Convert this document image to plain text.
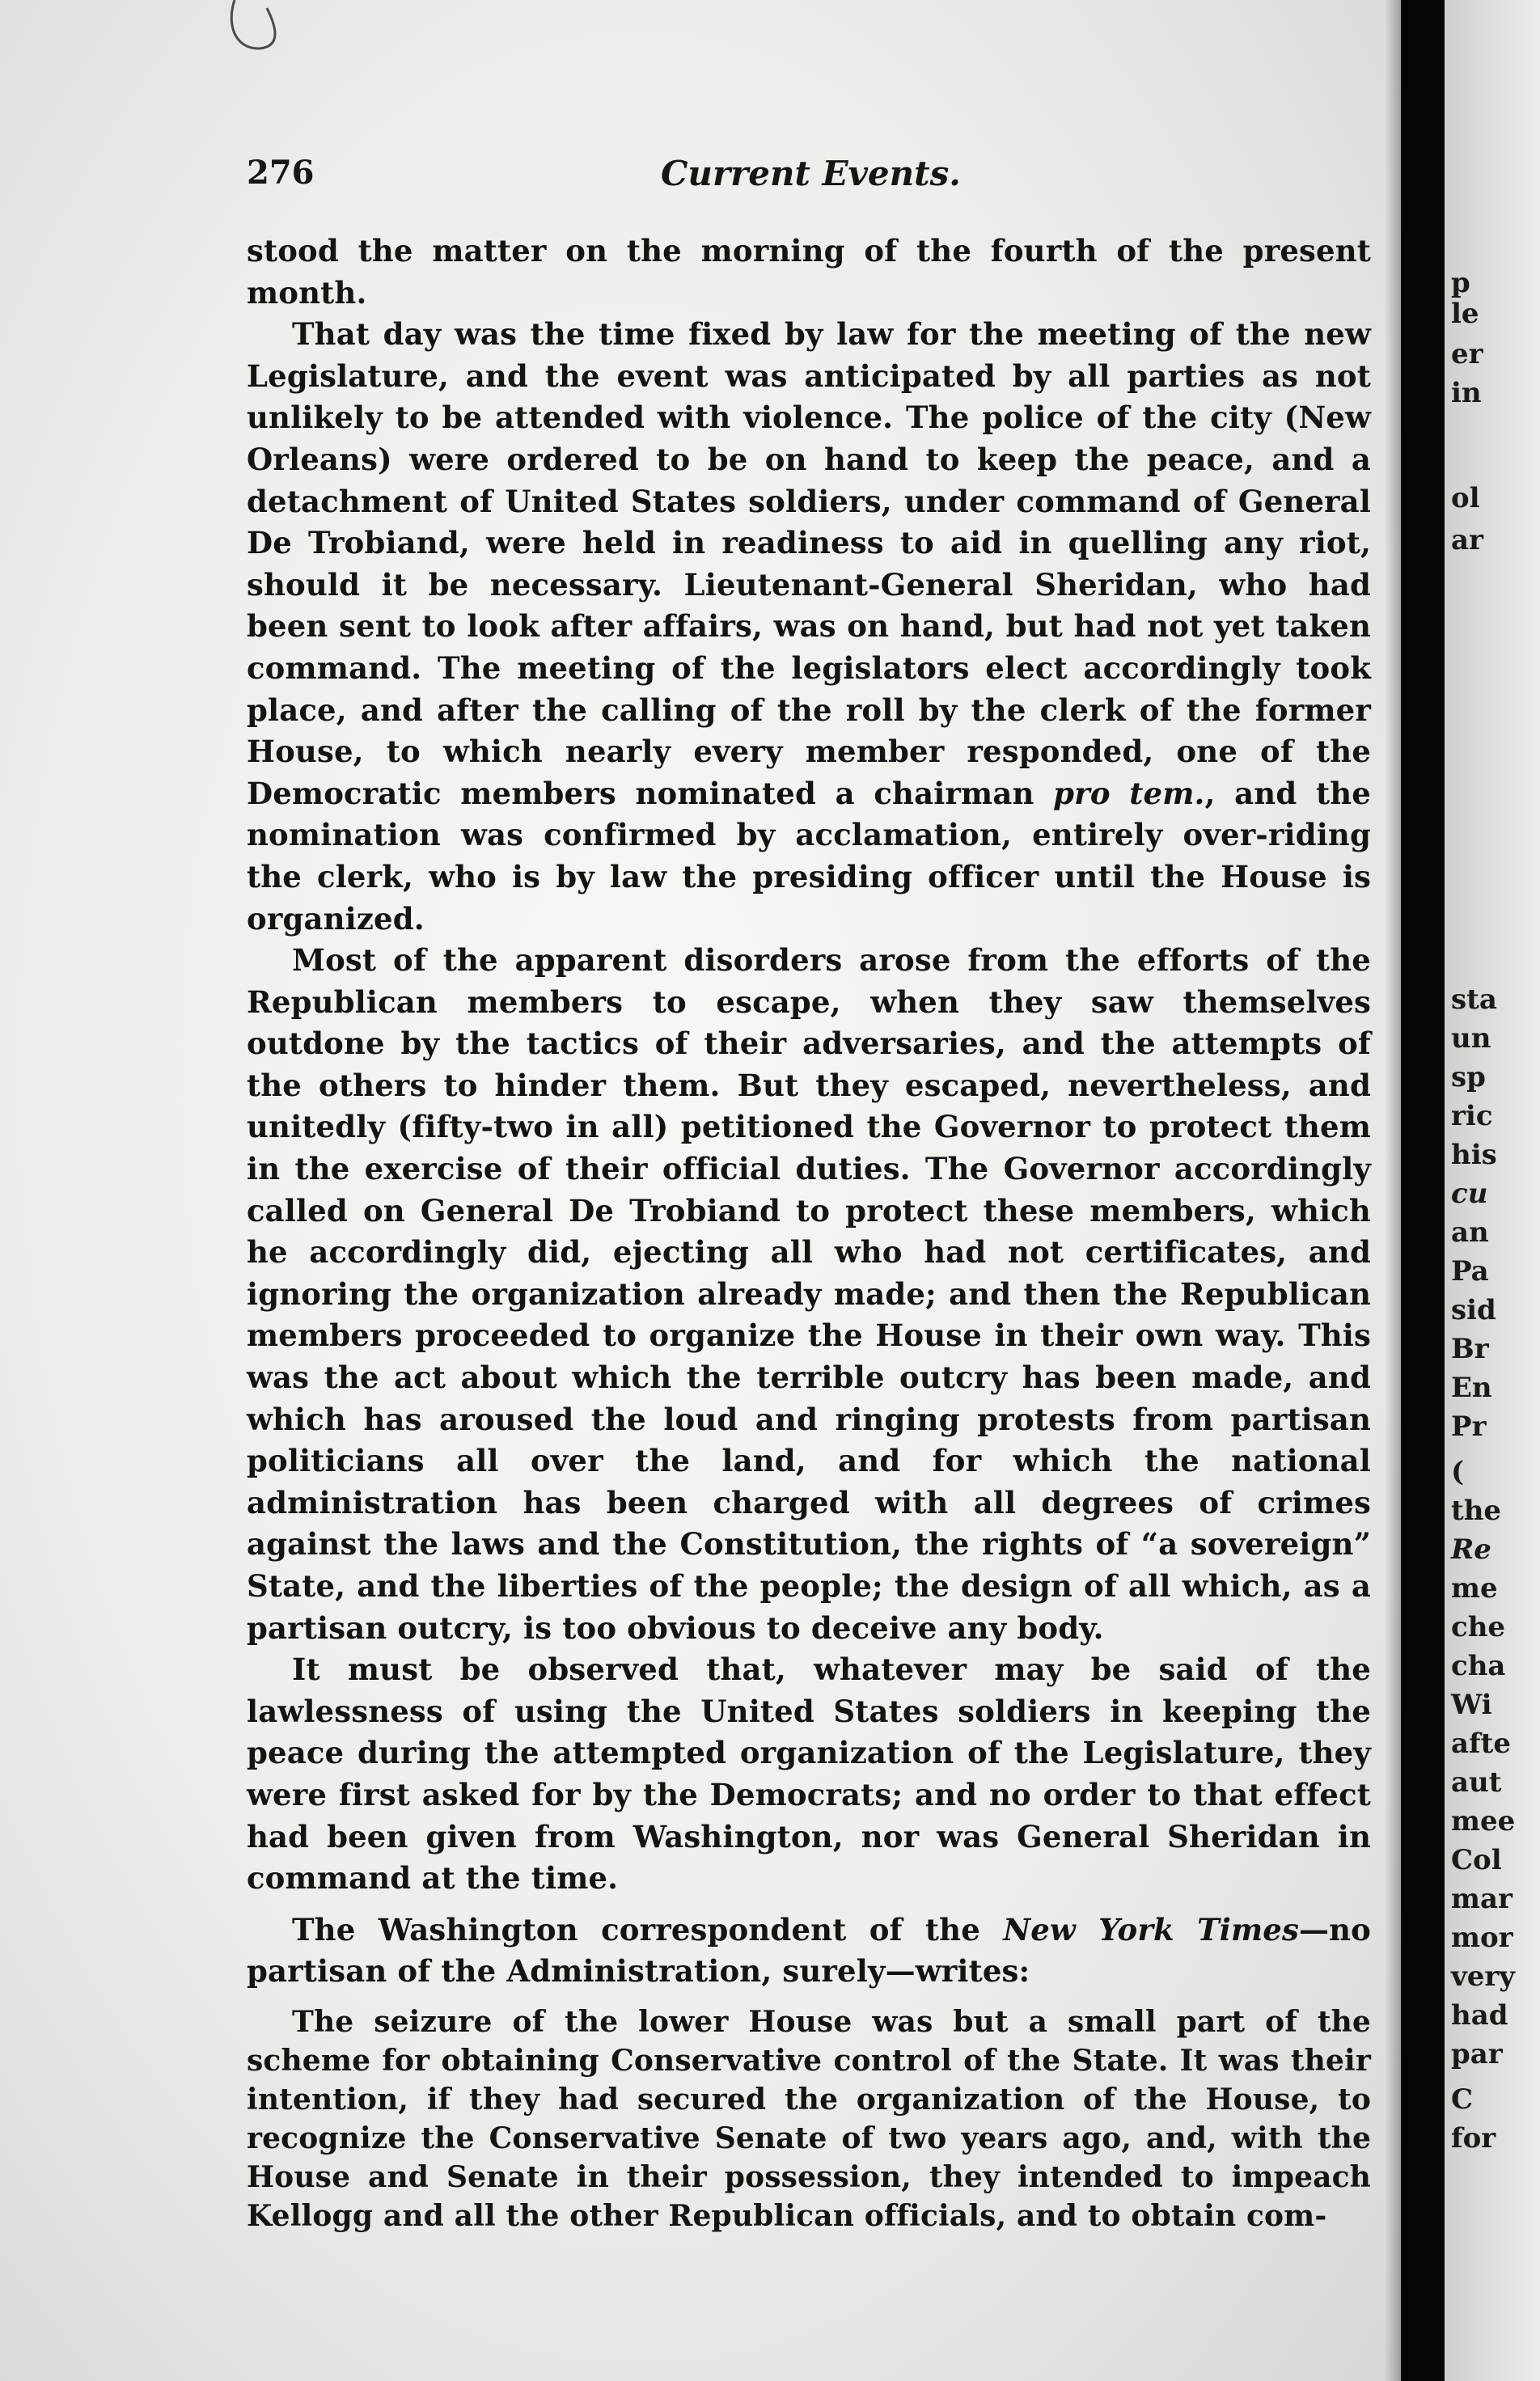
276	Current Events.

stood the matter on the morning of the fourth of the present month.

That day was the time fixed by law for the meeting of the new Legislature, and the event was anticipated by all parties as not unlikely to be attended with violence. The police of the city (New Orleans) were ordered to be on hand to keep the peace, and a detachment of United States soldiers, under command of General De Trobiand, were held in readiness to aid in quelling any riot, should it be necessary. Lieutenant-General Sheridan, who had been sent to look after affairs, was on hand, but had not yet taken command. The meeting of the legislators elect accordingly took place, and after the calling of the roll by the clerk of the former House, to which nearly every member responded, one of the Democratic members nominated a chairman pro tem., and the nomination was confirmed by acclamation, entirely over-riding the clerk, who is by law the presiding officer until the House is organized.

Most of the apparent disorders arose from the efforts of the Republican members to escape, when they saw themselves outdone by the tactics of their adversaries, and the attempts of the others to hinder them. But they escaped, nevertheless, and unitedly (fifty-two in all) petitioned the Governor to protect them in the exercise of their official duties. The Governor accordingly called on General De Trobiand to protect these members, which he accordingly did, ejecting all who had not certificates, and ignoring the organization already made; and then the Republican members proceeded to organize the House in their own way. This was the act about which the terrible outcry has been made, and which has aroused the loud and ringing protests from partisan politicians all over the land, and for which the national administration has been charged with all degrees of crimes against the laws and the Constitution, the rights of “a sovereign” State, and the liberties of the people; the design of all which, as a partisan outcry, is too obvious to deceive any body.

It must be observed that, whatever may be said of the lawlessness of using the United States soldiers in keeping the peace during the attempted organization of the Legislature, they were first asked for by the Democrats; and no order to that effect had been given from Washington, nor was General Sheridan in command at the time.

The Washington correspondent of the New York Times—no partisan of the Administration, surely—writes:

The seizure of the lower House was but a small part of the scheme for obtaining Conservative control of the State. It was their intention, if they had secured the organization of the House, to recognize the Conservative Senate of two years ago, and, with the House and Senate in their possession, they intended to impeach Kellogg and all the other Republican officials, and to obtain com-

p
le
er
in
ol
ar
sta
un
sp
ric
his
cu
an
Pa
sid
Br
En
Pr
(
the
Re
me
che
cha
Wi
afte
aut
mee
Col
mar
mor
very
had
par
C
for
